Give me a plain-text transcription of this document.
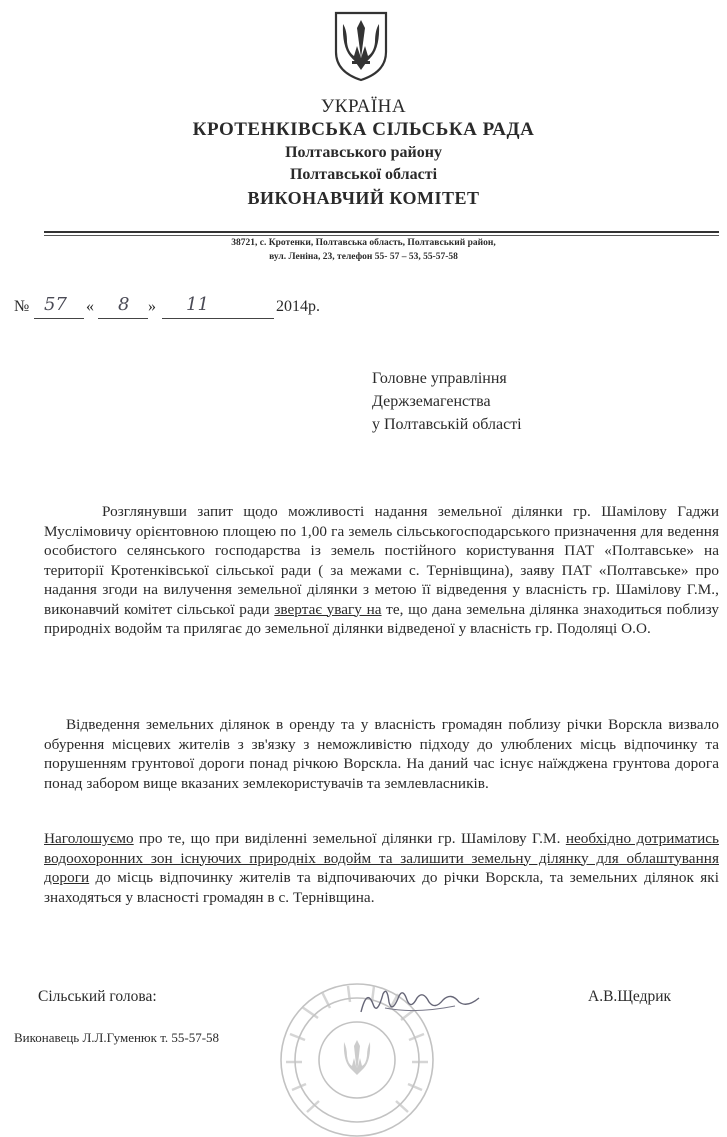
УКРАЇНА
КРОТЕНКІВСЬКА СІЛЬСЬКА РАДА
Полтавського району
Полтавської області
ВИКОНАВЧИЙ КОМІТЕТ
38721, с. Кротенки, Полтавська область, Полтавський район,
вул. Леніна, 23, телефон 55- 57 – 53, 55-57-58
№ 57 « 8 » 11	2014р.
Головне управління
Держземагенства
у Полтавській області
Розглянувши запит щодо можливості надання земельної ділянки гр. Шамілову Гаджи Муслімовичу орієнтовною площею по 1,00 га земель сільськогосподарського призначення для ведення особистого селянського господарства із земель постійного користування ПАТ «Полтавське» на території Кротенківської сільської ради ( за межами с. Тернівщина), заяву ПАТ «Полтавське» про надання згоди на вилучення земельної ділянки з метою її відведення у власність гр. Шамілову Г.М., виконавчий комітет сільської ради звертає увагу на те, що дана земельна ділянка знаходиться поблизу природніх водойм та прилягає до земельної ділянки відведеної у власність гр. Подоляці О.О.
Відведення земельних ділянок в оренду та у власність громадян поблизу річки Ворскла визвало обурення місцевих жителів з зв'язку з неможливістю підходу до улюблених місць відпочинку та порушенням грунтової дороги понад річкою Ворскла. На даний час існує наїжджена грунтова дорога понад забором вище вказаних землекористувачів та землевласників.
Наголошуємо про те, що при виділенні земельної ділянки гр. Шамілову Г.М. необхідно дотриматись водоохоронних зон існуючих природніх водойм та залишити земельну ділянку для облаштування дороги до місць відпочинку жителів та відпочиваючих до річки Ворскла, та земельних ділянок які знаходяться у власності громадян в с. Тернівщина.
Сільський голова:	А.В.Щедрик
Виконавець Л.Л.Гуменюк т. 55-57-58
